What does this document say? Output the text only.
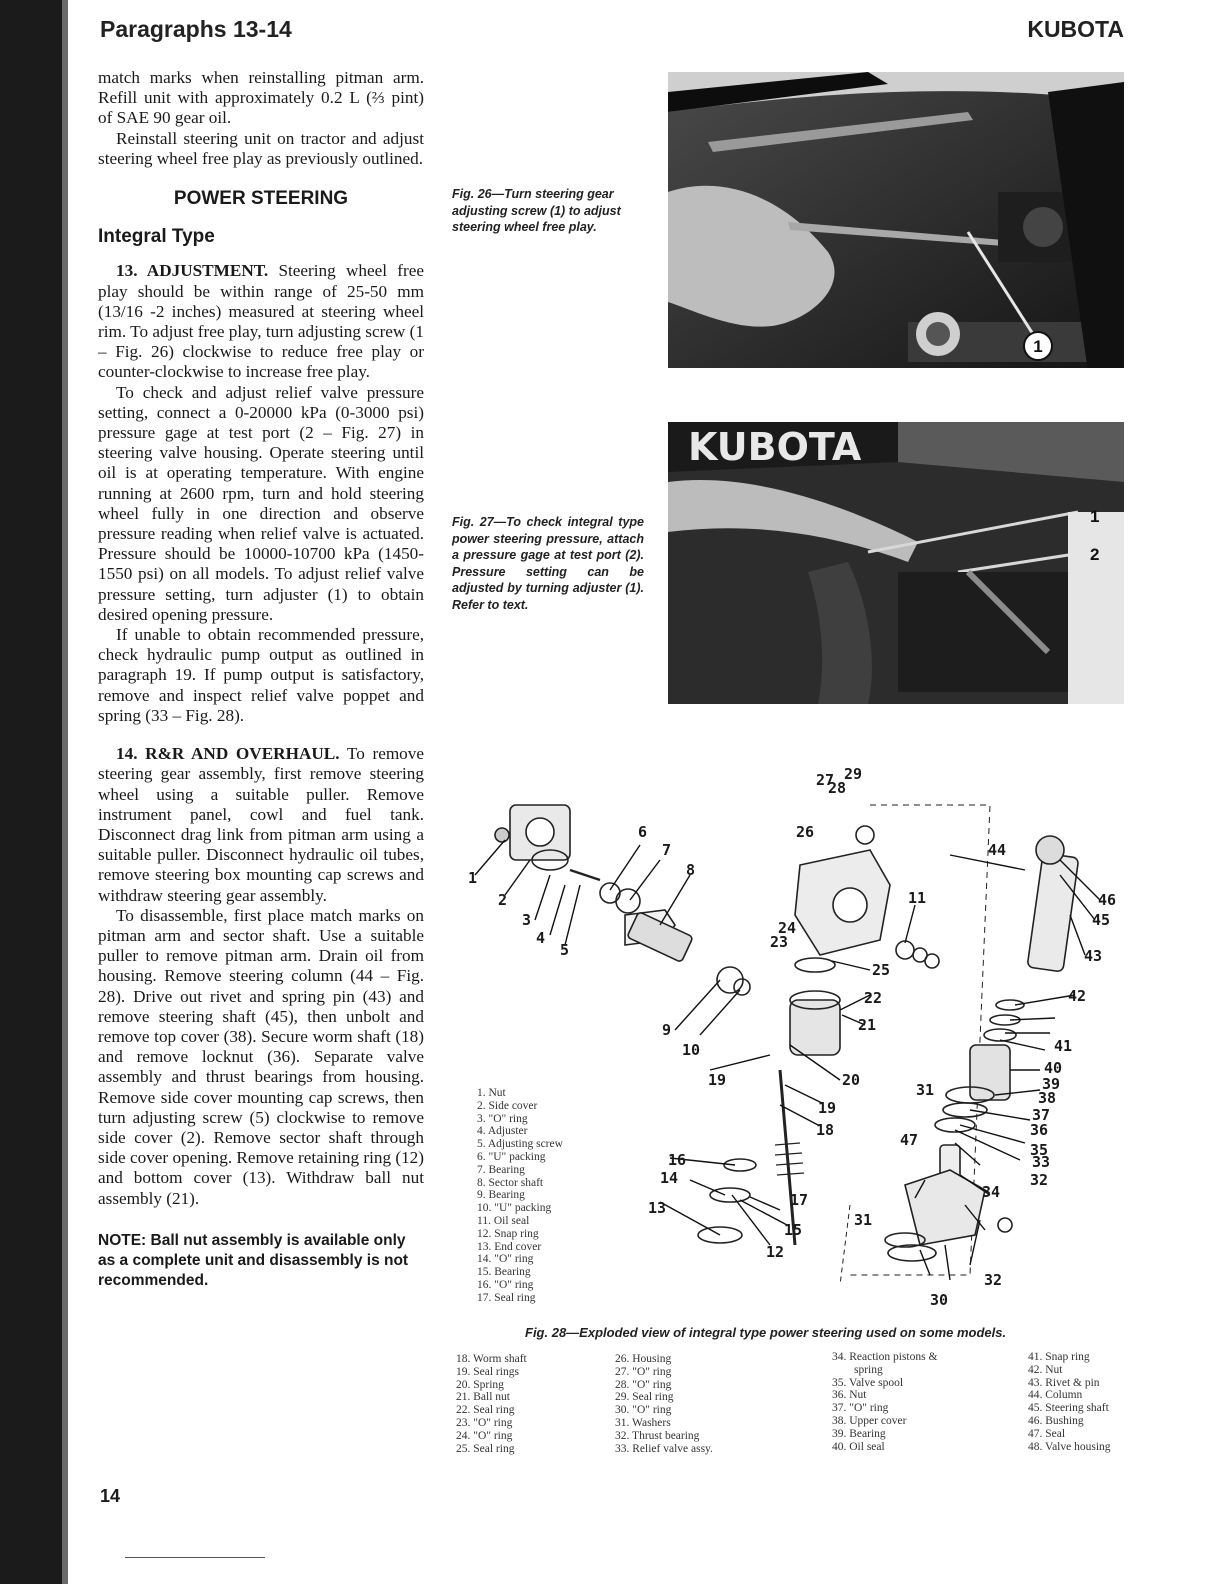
Paragraphs 13-14	KUBOTA

match marks when reinstalling pitman arm. Refill unit with approximately 0.2 L (⅔ pint) of SAE 90 gear oil.

Reinstall steering unit on tractor and adjust steering wheel free play as previously outlined.

POWER STEERING
Integral Type

13. ADJUSTMENT. Steering wheel free play should be within range of 25-50 mm (13/16 -2 inches) measured at steering wheel rim. To adjust free play, turn adjusting screw (1 – Fig. 26) clockwise to reduce free play or counter-clockwise to increase free play.

To check and adjust relief valve pressure setting, connect a 0-20000 kPa (0-3000 psi) pressure gage at test port (2 – Fig. 27) in steering valve housing. Operate steering until oil is at operating temperature. With engine running at 2600 rpm, turn and hold steering wheel fully in one direction and observe pressure reading when relief valve is actuated. Pressure should be 10000-10700 kPa (1450-1550 psi) on all models. To adjust relief valve pressure setting, turn adjuster (1) to obtain desired opening pressure.

If unable to obtain recommended pressure, check hydraulic pump output as outlined in paragraph 19. If pump output is satisfactory, remove and inspect relief valve poppet and spring (33 – Fig. 28).

14. R&R AND OVERHAUL. To remove steering gear assembly, first remove steering wheel using a suitable puller. Remove instrument panel, cowl and fuel tank. Disconnect drag link from pitman arm using a suitable puller. Disconnect hydraulic oil tubes, remove steering box mounting cap screws and withdraw steering gear assembly.

To disassemble, first place match marks on pitman arm and sector shaft. Use a suitable puller to remove pitman arm. Drain oil from housing. Remove steering column (44 – Fig. 28). Drive out rivet and spring pin (43) and remove steering shaft (45), then unbolt and remove top cover (38). Secure worm shaft (18) and remove locknut (36). Separate valve assembly and thrust bearings from housing. Remove side cover mounting cap screws, then turn adjusting screw (5) clockwise to remove side cover (2). Remove sector shaft through side cover opening. Remove retaining ring (12) and bottom cover (13). Withdraw ball nut assembly (21).

NOTE: Ball nut assembly is available only as a complete unit and disassembly is not recommended.
Fig. 26—Turn steering gear adjusting screw (1) to adjust steering wheel free play.
1
Fig. 27—To check integral type power steering pressure, attach a pressure gage at test port (2). Pressure setting can be adjusted by turning adjuster (1). Refer to text.
KUBOTA
1
2
1
2
3
4
5
6
7
8
9
10
11
12
13
14
15
16
17
18
19
19
20
21
22
23
24
25
26
27
28
29
30
31
31
32
32
33
34
35
36
37
38
39
40
41
42
43
44
45
46
47
1. Nut
2. Side cover
3. "O" ring
4. Adjuster
5. Adjusting screw
6. "U" packing
7. Bearing
8. Sector shaft
9. Bearing
10. "U" packing
11. Oil seal
12. Snap ring
13. End cover
14. "O" ring
15. Bearing
16. "O" ring
17. Seal ring
18. Worm shaft
19. Seal rings
20. Spring
21. Ball nut
22. Seal ring
23. "O" ring
24. "O" ring
25. Seal ring
26. Housing
27. "O" ring
28. "O" ring
29. Seal ring
30. "O" ring
31. Washers
32. Thrust bearing
33. Relief valve assy.
34. Reaction pistons &
spring
35. Valve spool
36. Nut
37. "O" ring
38. Upper cover
39. Bearing
40. Oil seal
41. Snap ring
42. Nut
43. Rivet & pin
44. Column
45. Steering shaft
46. Bushing
47. Seal
48. Valve housing
Fig. 28—Exploded view of integral type power steering used on some models.
14
